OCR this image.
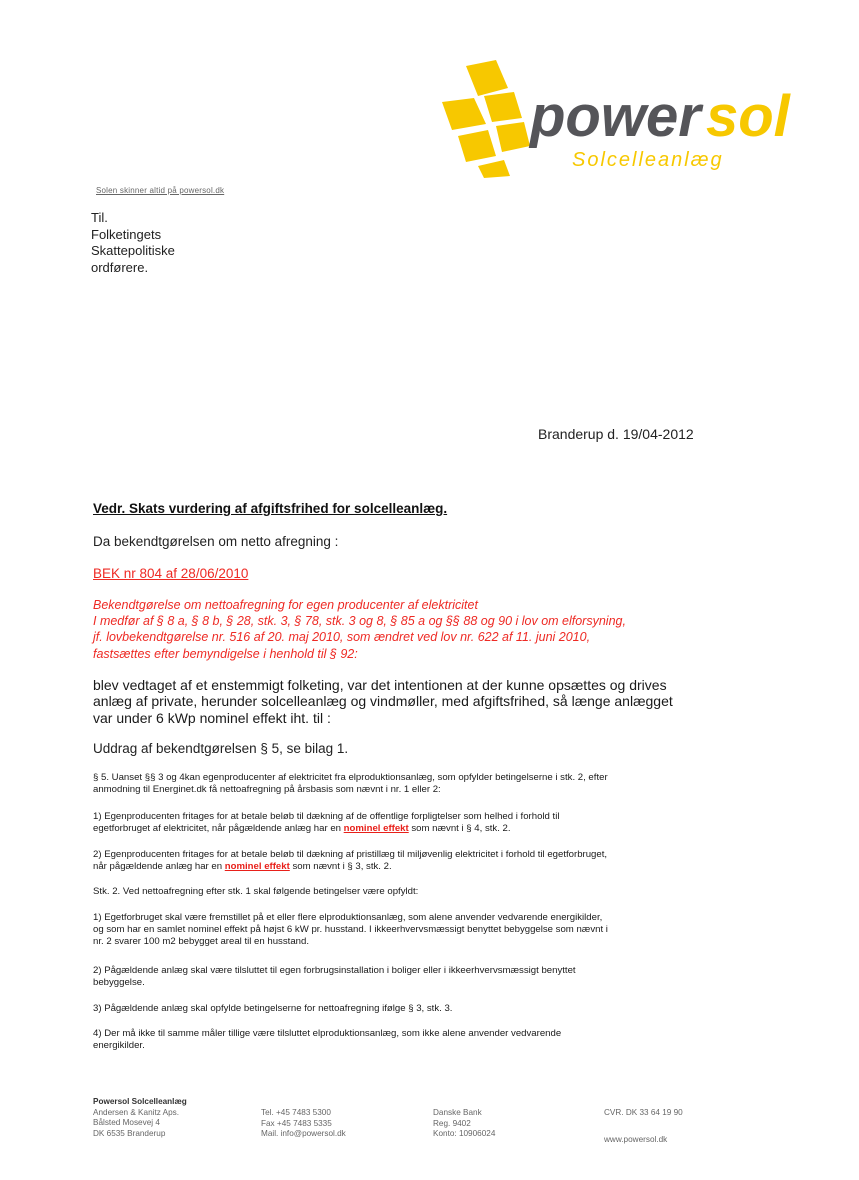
power sol
Solcelleanlæg
Solen skinner altid på powersol.dk
Til.
Folketingets
Skattepolitiske
ordførere.
Branderup d. 19/04-2012
Vedr. Skats vurdering af afgiftsfrihed for solcelleanlæg.
Da bekendtgørelsen om netto afregning :
BEK nr 804 af 28/06/2010
Bekendtgørelse om nettoafregning for egen producenter af elektricitet
I medfør af § 8 a, § 8 b, § 28, stk. 3, § 78, stk. 3 og 8, § 85 a og §§ 88 og 90 i lov om elforsyning,
jf. lovbekendtgørelse nr. 516 af 20. maj 2010, som ændret ved lov nr. 622 af 11. juni 2010,
fastsættes efter bemyndigelse i henhold til § 92:
blev vedtaget af et enstemmigt folketing, var det intentionen at der kunne opsættes og drives
anlæg af private, herunder solcelleanlæg og vindmøller, med afgiftsfrihed, så længe anlægget
var under 6 kWp nominel effekt iht. til :
Uddrag af bekendtgørelsen § 5, se bilag 1.
§ 5. Uanset §§ 3 og 4kan egenproducenter af elektricitet fra elproduktionsanlæg, som opfylder betingelserne i stk. 2, efter
anmodning til Energinet.dk få nettoafregning på årsbasis som nævnt i nr. 1 eller 2:
1) Egenproducenten fritages for at betale beløb til dækning af de offentlige forpligtelser som helhed i forhold til
egetforbruget af elektricitet, når pågældende anlæg har en nominel effekt som nævnt i § 4, stk. 2.
2) Egenproducenten fritages for at betale beløb til dækning af pristillæg til miljøvenlig elektricitet i forhold til egetforbruget,
når pågældende anlæg har en nominel effekt som nævnt i § 3, stk. 2.
Stk. 2. Ved nettoafregning efter stk. 1 skal følgende betingelser være opfyldt:
1) Egetforbruget skal være fremstillet på et eller flere elproduktionsanlæg, som alene anvender vedvarende energikilder,
og som har en samlet nominel effekt på højst 6 kW pr. husstand. I ikkeerhvervsmæssigt benyttet bebyggelse som nævnt i
nr. 2 svarer 100 m2 bebygget areal til en husstand.
2) Pågældende anlæg skal være tilsluttet til egen forbrugsinstallation i boliger eller i ikkeerhvervsmæssigt benyttet
bebyggelse.
3) Pågældende anlæg skal opfylde betingelserne for nettoafregning ifølge § 3, stk. 3.
4) Der må ikke til samme måler tillige være tilsluttet elproduktionsanlæg, som ikke alene anvender vedvarende
energikilder.
Powersol Solcelleanlæg
Andersen & Kanitz Aps.
Bålsted Mosevej 4
DK 6535 Branderup
Tel. +45 7483 5300
Fax +45 7483 5335
Mail. info@powersol.dk
Danske Bank
Reg. 9402
Konto: 10906024
CVR. DK 33 64 19 90
www.powersol.dk
